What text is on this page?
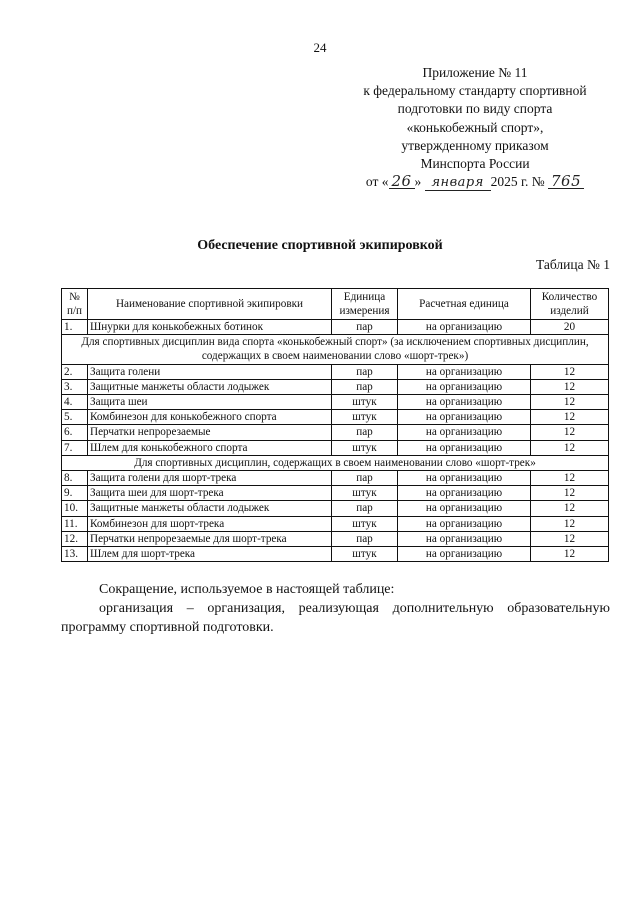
24
Приложение № 11
к федеральному стандарту спортивной
подготовки по виду спорта
«конькобежный спорт»,
утвержденному приказом
Минспорта России
от « 26 » января 2025 г. № 765
Обеспечение спортивной экипировкой
Таблица № 1
№ п/п	Наименование спортивной экипировки	Единица измерения	Расчетная единица	Количество изделий
1.	Шнурки для конькобежных ботинок	пар	на организацию	20
Для спортивных дисциплин вида спорта «конькобежный спорт» (за исключением спортивных дисциплин, содержащих в своем наименовании слово «шорт-трек»)				
2.	Защита голени	пар	на организацию	12
3.	Защитные манжеты области лодыжек	пар	на организацию	12
4.	Защита шеи	штук	на организацию	12
5.	Комбинезон для конькобежного спорта	штук	на организацию	12
6.	Перчатки непрорезаемые	пар	на организацию	12
7.	Шлем для конькобежного спорта	штук	на организацию	12
Для спортивных дисциплин, содержащих в своем наименовании слово «шорт-трек»				
8.	Защита голени для шорт-трека	пар	на организацию	12
9.	Защита шеи для шорт-трека	штук	на организацию	12
10.	Защитные манжеты области лодыжек	пар	на организацию	12
11.	Комбинезон для шорт-трека	штук	на организацию	12
12.	Перчатки непрорезаемые для шорт-трека	пар	на организацию	12
13.	Шлем для шорт-трека	штук	на организацию	12

Сокращение, используемое в настоящей таблице:

организация – организация, реализующая дополнительную образовательную программу спортивной подготовки.
